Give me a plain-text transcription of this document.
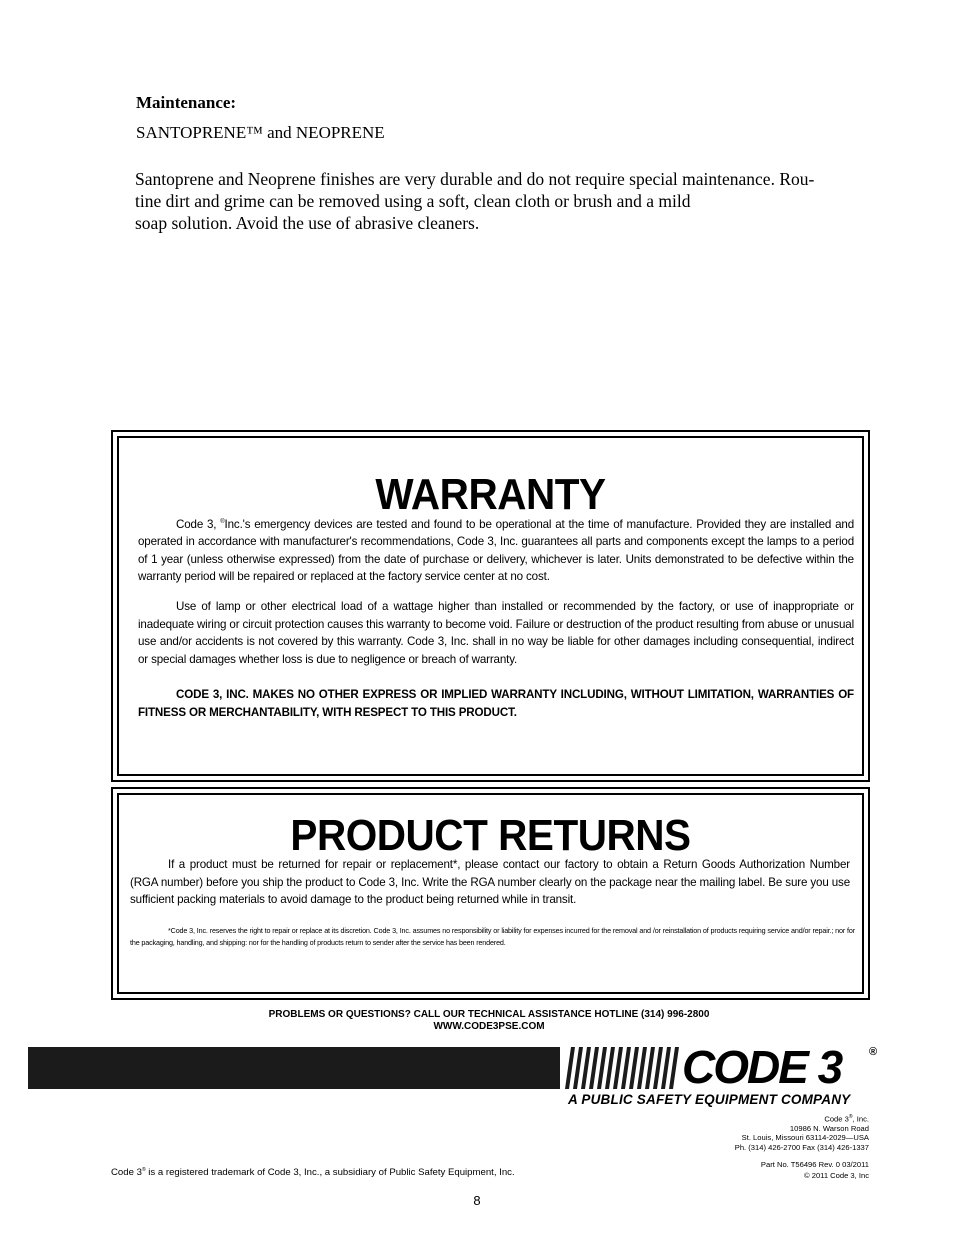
Maintenance:
SANTOPRENE™ and NEOPRENE
Santoprene and Neoprene finishes are very durable and do not require special maintenance. Rou-
tine dirt and grime can be removed using a soft, clean cloth or brush and a mild
soap solution. Avoid the use of abrasive cleaners.
WARRANTY
Code 3, ®Inc.'s emergency devices are tested and found to be operational at the time of manufacture. Provided they are installed and operated in accordance with manufacturer's recommendations, Code 3, Inc. guarantees all parts and components except the lamps to a period of 1 year (unless otherwise expressed) from the date of purchase or delivery, whichever is later. Units demonstrated to be defective within the warranty period will be repaired or replaced at the factory service center at no cost.
Use of lamp or other electrical load of a wattage higher than installed or recommended by the factory, or use of inappropriate or inadequate wiring or circuit protection causes this warranty to become void. Failure or destruction of the product resulting from abuse or unusual use and/or accidents is not covered by this warranty. Code 3, Inc. shall in no way be liable for other damages including consequential, indirect or special damages whether loss is due to negligence or breach of warranty.
CODE 3, INC. MAKES NO OTHER EXPRESS OR IMPLIED WARRANTY INCLUDING, WITHOUT LIMITATION, WARRANTIES OF FITNESS OR MERCHANTABILITY, WITH RESPECT TO THIS PRODUCT.
PRODUCT RETURNS
If a product must be returned for repair or replacement*, please contact our factory to obtain a Return Goods Authorization Number (RGA number) before you ship the product to Code 3, Inc. Write the RGA number clearly on the package near the mailing label. Be sure you use sufficient packing materials to avoid damage to the product being returned while in transit.
*Code 3, Inc. reserves the right to repair or replace at its discretion. Code 3, Inc. assumes no responsibility or liability for expenses incurred for the removal and /or reinstallation of products requiring service and/or repair.; nor for the packaging, handling, and shipping: nor for the handling of products return to sender after the service has been rendered.
PROBLEMS OR QUESTIONS? CALL OUR TECHNICAL ASSISTANCE HOTLINE (314) 996-2800
WWW.CODE3PSE.COM
CODE 3	®
A PUBLIC SAFETY EQUIPMENT COMPANY
Code 3®, Inc.
10986 N. Warson Road
St. Louis, Missouri 63114-2029—USA
Ph. (314) 426-2700 Fax (314) 426-1337
Part No. T56496 Rev. 0 03/2011
© 2011 Code 3, Inc
Code 3® is a registered trademark of Code 3, Inc., a subsidiary of Public Safety Equipment, Inc.
8
